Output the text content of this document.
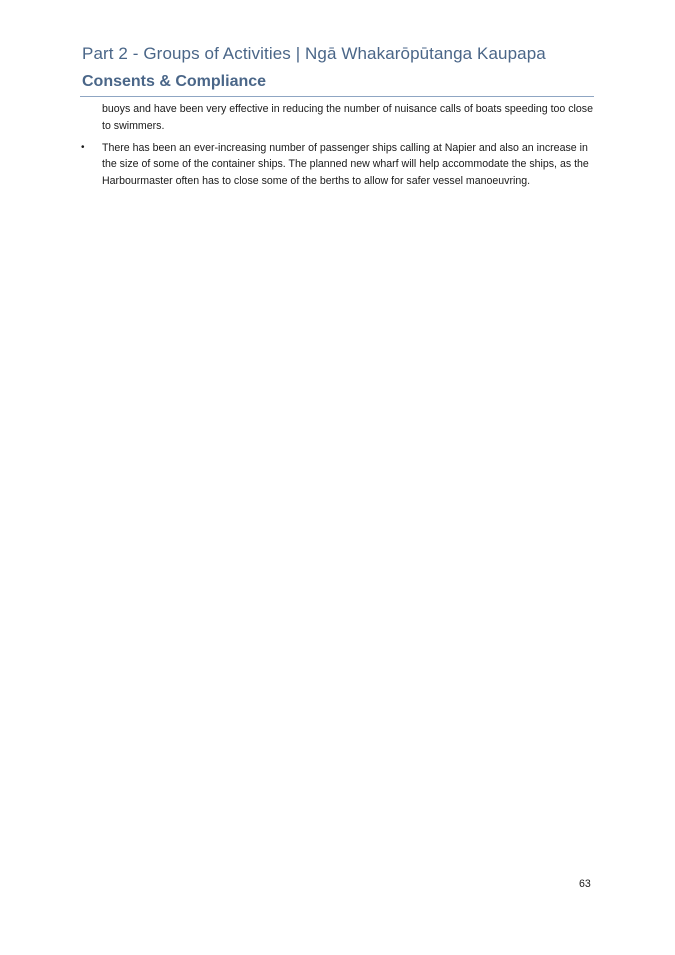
Part 2 - Groups of Activities | Ngā Whakarōpūtanga Kaupapa
Consents & Compliance
buoys and have been very effective in reducing the number of nuisance calls of boats speeding too close to swimmers.
•	There has been an ever-increasing number of passenger ships calling at Napier and also an increase in the size of some of the container ships. The planned new wharf will help accommodate the ships, as the Harbourmaster often has to close some of the berths to allow for safer vessel manoeuvring.
63
